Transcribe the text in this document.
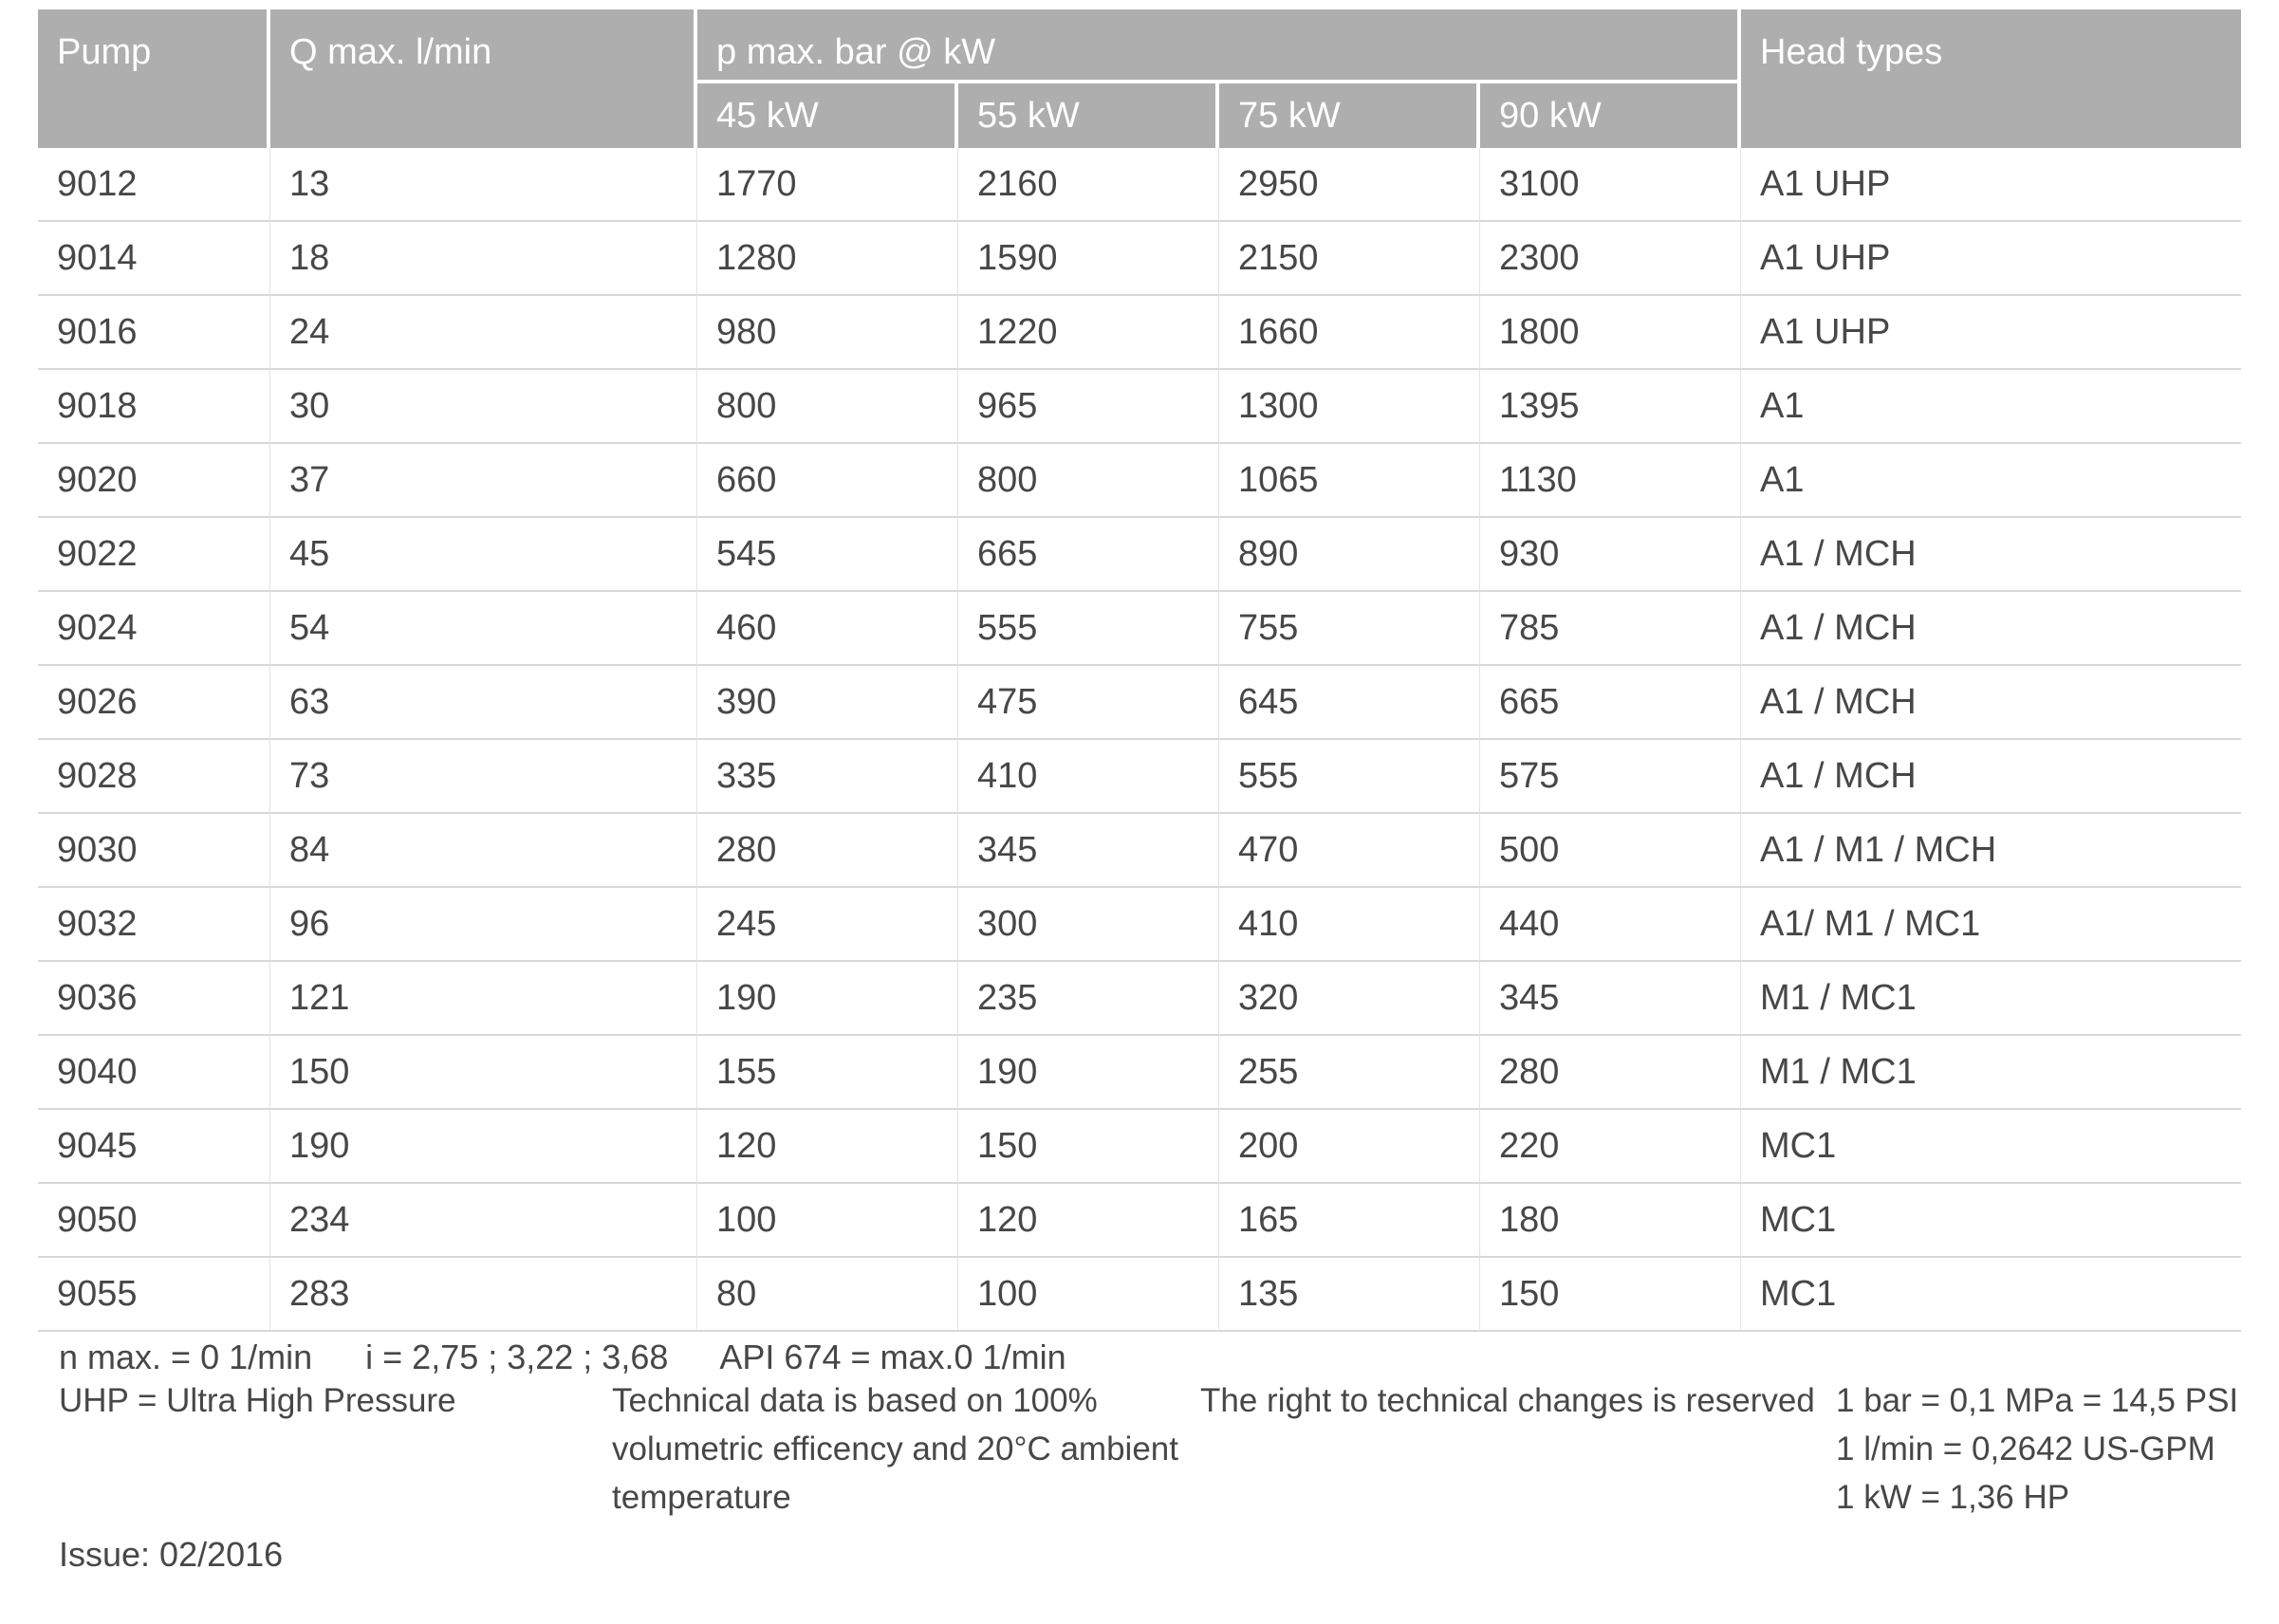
Pump	Q max. l/min	p max. bar @ kW				Head types
		45 kW	55 kW	75 kW	90 kW	
9012	13	1770	2160	2950	3100	A1 UHP
9014	18	1280	1590	2150	2300	A1 UHP
9016	24	980	1220	1660	1800	A1 UHP
9018	30	800	965	1300	1395	A1
9020	37	660	800	1065	1130	A1
9022	45	545	665	890	930	A1 / MCH
9024	54	460	555	755	785	A1 / MCH
9026	63	390	475	645	665	A1 / MCH
9028	73	335	410	555	575	A1 / MCH
9030	84	280	345	470	500	A1 / M1 / MCH
9032	96	245	300	410	440	A1/ M1 / MC1
9036	121	190	235	320	345	M1 / MC1
9040	150	155	190	255	280	M1 / MC1
9045	190	120	150	200	220	MC1
9050	234	100	120	165	180	MC1
9055	283	80	100	135	150	MC1
n max. = 0 1/min i = 2,75 ; 3,22 ; 3,68 API 674 = max.0 1/min
UHP = Ultra High Pressure	Technical data is based on 100% volumetric efficency and 20°C ambient temperature
The right to technical changes is reserved 1 bar = 0,1 MPa = 14,5 PSI
1 l/min = 0,2642 US-GPM
1 kW = 1,36 HP
Issue: 02/2016
